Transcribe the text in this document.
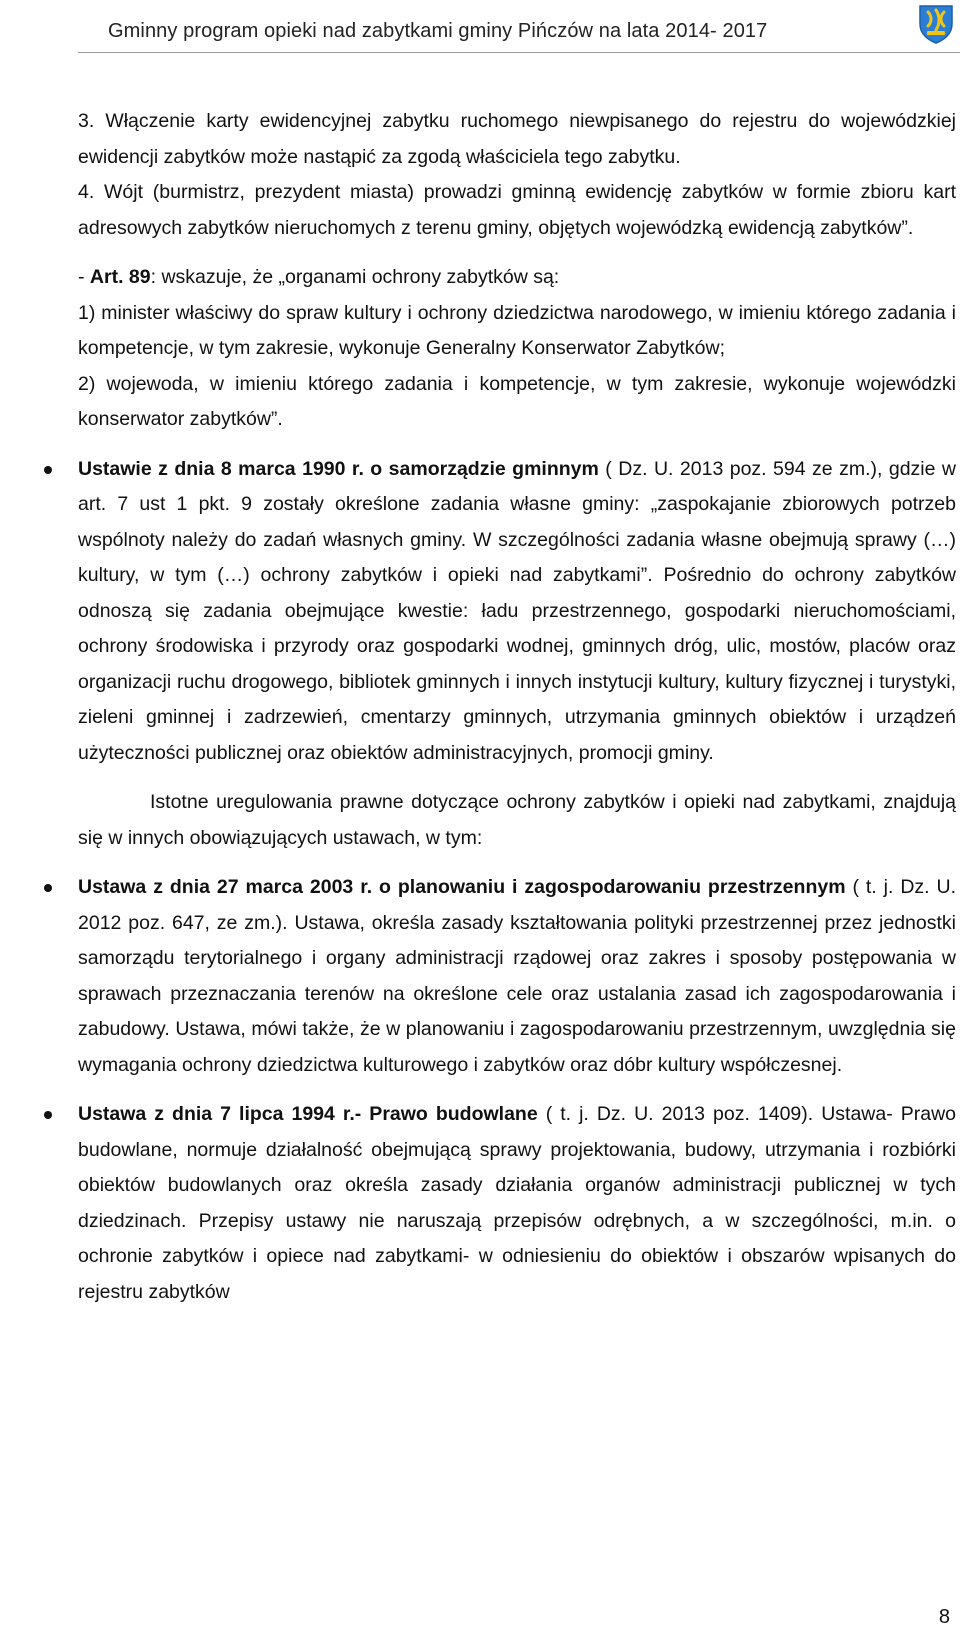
Gminny program opieki nad zabytkami gminy Pińczów na lata 2014- 2017

3. Włączenie karty ewidencyjnej zabytku ruchomego niewpisanego do rejestru do wojewódzkiej ewidencji zabytków może nastąpić za zgodą właściciela tego zabytku.

4. Wójt (burmistrz, prezydent miasta) prowadzi gminną ewidencję zabytków w formie zbioru kart adresowych zabytków nieruchomych z terenu gminy, objętych wojewódzką ewidencją zabytków”.

- Art. 89: wskazuje, że „organami ochrony zabytków są:

1) minister właściwy do spraw kultury i ochrony dziedzictwa narodowego, w imieniu którego zadania i kompetencje, w tym zakresie, wykonuje Generalny Konserwator Zabytków;

2) wojewoda, w imieniu którego zadania i kompetencje, w tym zakresie, wykonuje wojewódzki konserwator zabytków”.

Ustawie z dnia 8 marca 1990 r. o samorządzie gminnym ( Dz. U. 2013 poz. 594 ze zm.), gdzie w art. 7 ust 1 pkt. 9 zostały określone zadania własne gminy: „zaspokajanie zbiorowych potrzeb wspólnoty należy do zadań własnych gminy. W szczególności zadania własne obejmują sprawy (…) kultury, w tym (…) ochrony zabytków i opieki nad zabytkami”. Pośrednio do ochrony zabytków odnoszą się zadania obejmujące kwestie: ładu przestrzennego, gospodarki nieruchomościami, ochrony środowiska i przyrody oraz gospodarki wodnej, gminnych dróg, ulic, mostów, placów oraz organizacji ruchu drogowego, bibliotek gminnych i innych instytucji kultury, kultury fizycznej i turystyki, zieleni gminnej i zadrzewień, cmentarzy gminnych, utrzymania gminnych obiektów i urządzeń użyteczności publicznej oraz obiektów administracyjnych, promocji gminy.

Istotne uregulowania prawne dotyczące ochrony zabytków i opieki nad zabytkami, znajdują się w innych obowiązujących ustawach, w tym:

Ustawa z dnia 27 marca 2003 r. o planowaniu i zagospodarowaniu przestrzennym ( t. j. Dz. U. 2012 poz. 647, ze zm.). Ustawa, określa zasady kształtowania polityki przestrzennej przez jednostki samorządu terytorialnego i organy administracji rządowej oraz zakres i sposoby postępowania w sprawach przeznaczania terenów na określone cele oraz ustalania zasad ich zagospodarowania i zabudowy. Ustawa, mówi także, że w planowaniu i zagospodarowaniu przestrzennym, uwzględnia się wymagania ochrony dziedzictwa kulturowego i zabytków oraz dóbr kultury współczesnej.

Ustawa z dnia 7 lipca 1994 r.- Prawo budowlane ( t. j. Dz. U. 2013 poz. 1409). Ustawa- Prawo budowlane, normuje działalność obejmującą sprawy projektowania, budowy, utrzymania i rozbiórki obiektów budowlanych oraz określa zasady działania organów administracji publicznej w tych dziedzinach. Przepisy ustawy nie naruszają przepisów odrębnych, a w szczególności, m.in. o ochronie zabytków i opiece nad zabytkami- w odniesieniu do obiektów i obszarów wpisanych do rejestru zabytków

8
